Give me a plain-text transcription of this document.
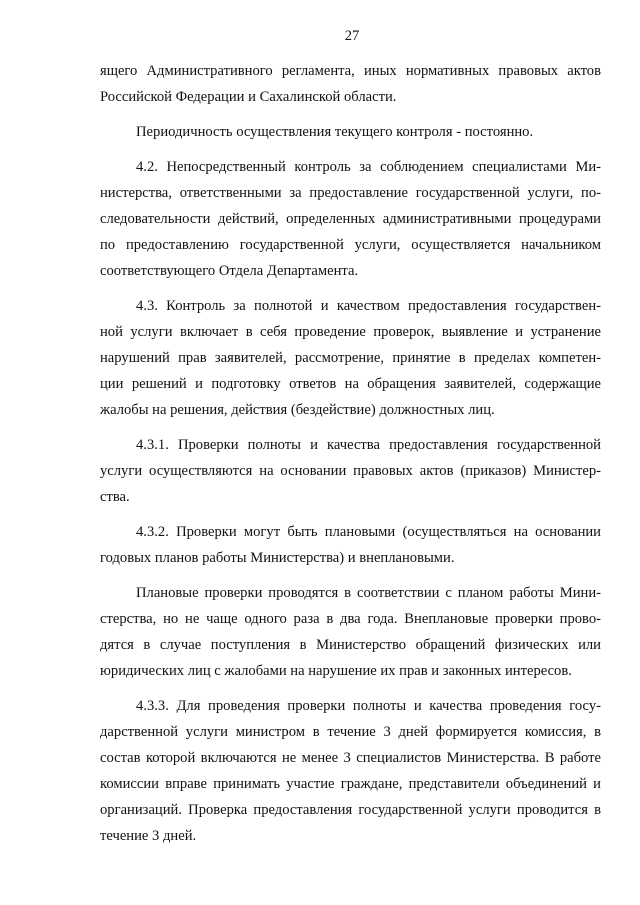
27

ящего Административного регламента, иных нормативных правовых актов
Российской Федерации и Сахалинской области.

Периодичность осуществления текущего контроля - постоянно.

4.2. Непосредственный контроль за соблюдением специалистами Ми-
нистерства, ответственными за предоставление государственной услуги, по-
следовательности действий, определенных административными процедурами
по предоставлению государственной услуги, осуществляется начальником
соответствующего Отдела Департамента.

4.3. Контроль за полнотой и качеством предоставления государствен-
ной услуги включает в себя проведение проверок, выявление и устранение
нарушений прав заявителей, рассмотрение, принятие в пределах компетен-
ции решений и подготовку ответов на обращения заявителей, содержащие
жалобы на решения, действия (бездействие) должностных лиц.

4.3.1. Проверки полноты и качества предоставления государственной
услуги осуществляются на основании правовых актов (приказов) Министер-
ства.

4.3.2. Проверки могут быть плановыми (осуществляться на основании
годовых планов работы Министерства) и внеплановыми.

Плановые проверки проводятся в соответствии с планом работы Мини-
стерства, но не чаще одного раза в два года. Внеплановые проверки прово-
дятся в случае поступления в Министерство обращений физических или
юридических лиц с жалобами на нарушение их прав и законных интересов.

4.3.3. Для проведения проверки полноты и качества проведения госу-
дарственной услуги министром в течение 3 дней формируется комиссия, в
состав которой включаются не менее 3 специалистов Министерства. В работе
комиссии вправе принимать участие граждане, представители объединений и
организаций. Проверка предоставления государственной услуги проводится в
течение 3 дней.
